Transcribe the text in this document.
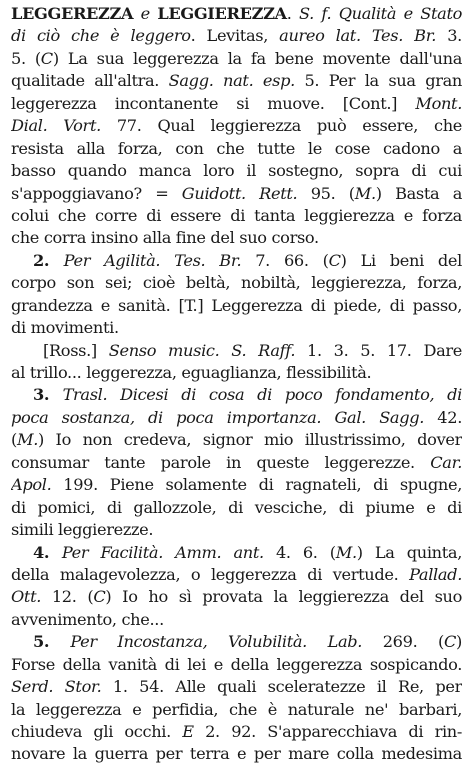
LEGGEREZZA e LEGGIEREZZA. S. f. Qualità e Stato
di ciò che è leggero. Levitas, aureo lat. Tes. Br. 3.
5. (C) La sua leggerezza la fa bene movente dall'una
qualitade all'altra. Sagg. nat. esp. 5. Per la sua gran
leggerezza incontanente si muove. [Cont.] Mont.
Dial. Vort. 77. Qual leggierezza può essere, che
resista alla forza, con che tutte le cose cadono a
basso quando manca loro il sostegno, sopra di cui
s'appoggiavano? = Guidott. Rett. 95. (M.) Basta a
colui che corre di essere di tanta leggierezza e forza
che corra insino alla fine del suo corso.
2. Per Agilità. Tes. Br. 7. 66. (C) Li beni del
corpo son sei; cioè beltà, nobiltà, leggierezza, forza,
grandezza e sanità. [T.] Leggerezza di piede, di passo,
di movimenti.
[Ross.] Senso music. S. Raff. 1. 3. 5. 17. Dare
al trillo... leggerezza, eguaglianza, flessibilità.
3. Trasl. Dicesi di cosa di poco fondamento, di
poca sostanza, di poca importanza. Gal. Sagg. 42.
(M.) Io non credeva, signor mio illustrissimo, dover
consumar tante parole in queste leggerezze. Car.
Apol. 199. Piene solamente di ragnateli, di spugne,
di pomici, di gallozzole, di vesciche, di piume e di
simili leggierezze.
4. Per Facilità. Amm. ant. 4. 6. (M.) La quinta,
della malagevolezza, o leggerezza di vertude. Pallad.
Ott. 12. (C) Io ho sì provata la leggierezza del suo
avvenimento, che...
5. Per Incostanza, Volubilità. Lab. 269. (C)
Forse della vanità di lei e della leggerezza sospicando.
Serd. Stor. 1. 54. Alle quali sceleratezze il Re, per
la leggerezza e perfidia, che è naturale ne' barbari,
chiudeva gli occhi. E 2. 92. S'apparecchiava di rin-
novare la guerra per terra e per mare colla medesima
